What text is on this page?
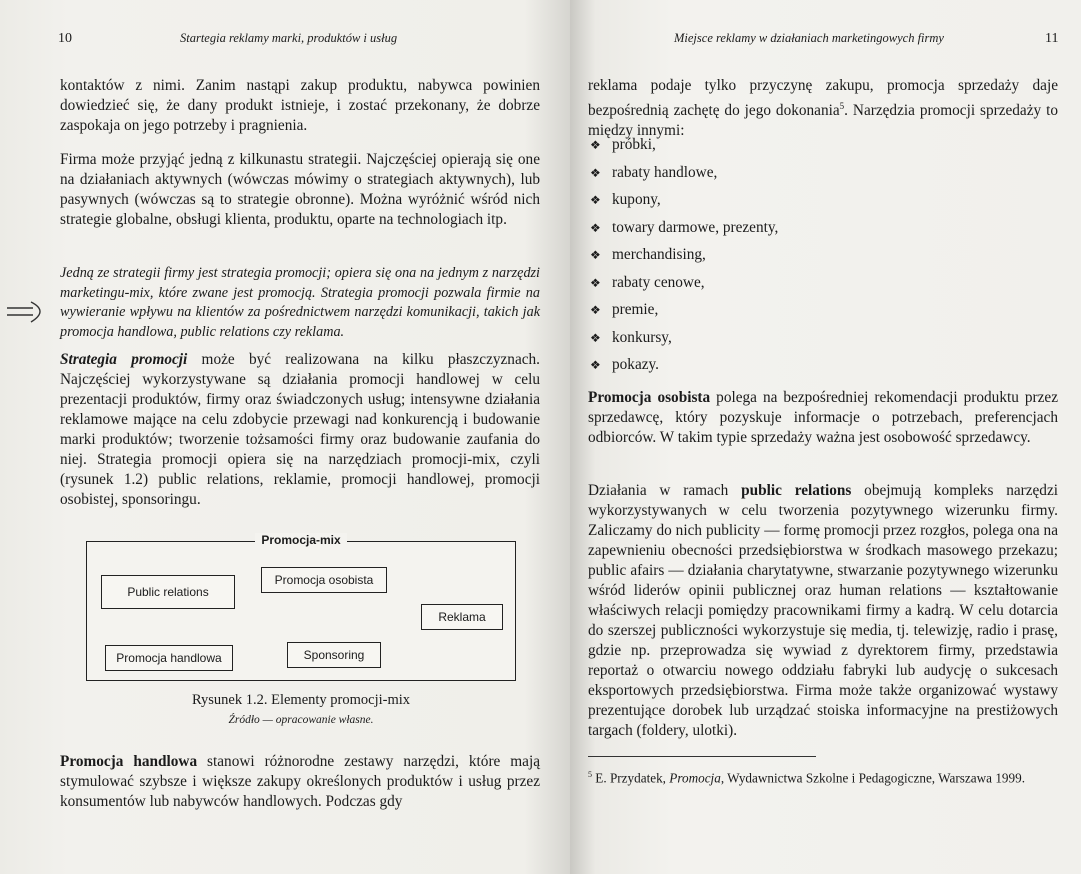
10	Startegia reklamy marki, produktów i usług

kontaktów z nimi. Zanim nastąpi zakup produktu, nabywca powinien dowiedzieć się, że dany produkt istnieje, i zostać przekonany, że dobrze zaspokaja on jego potrzeby i pragnienia.

Firma może przyjąć jedną z kilkunastu strategii. Najczęściej opierają się one na działaniach aktywnych (wówczas mówimy o strategiach aktywnych), lub pasywnych (wówczas są to strategie obronne). Można wyróżnić wśród nich strategie globalne, obsługi klienta, produktu, oparte na technologiach itp.

Jedną ze strategii firmy jest strategia promocji; opiera się ona na jednym z narzędzi marketingu-mix, które zwane jest promocją. Strategia promocji pozwala firmie na wywieranie wpływu na klientów za pośrednictwem narzędzi komunikacji, takich jak promocja handlowa, public relations czy reklama.

Strategia promocji może być realizowana na kilku płaszczyznach. Najczęściej wykorzystywane są działania promocji handlowej w celu prezentacji produktów, firmy oraz świadczonych usług; intensywne działania reklamowe mające na celu zdobycie przewagi nad konkurencją i budowanie marki produktów; tworzenie tożsamości firmy oraz budowanie zaufania do niej. Strategia promocji opiera się na narzędziach promocji-mix, czyli (rysunek 1.2) public relations, reklamie, promocji handlowej, promocji osobistej, sponsoringu.

Promocja-mix
Public relations
Promocja osobista
Reklama
Promocja handlowa	Sponsoring

Rysunek 1.2. Elementy promocji-mix

Źródło — opracowanie własne.

Promocja handlowa stanowi różnorodne zestawy narzędzi, które mają stymulować szybsze i większe zakupy określonych produktów i usług przez konsumentów lub nabywców handlowych. Podczas gdy

Miejsce reklamy w działaniach marketingowych firmy	11

reklama podaje tylko przyczynę zakupu, promocja sprzedaży daje bezpośrednią zachętę do jego dokonania$^5$. Narzędzia promocji sprzedaży to między innymi:

❖ próbki,
❖ rabaty handlowe,
❖ kupony,
❖ towary darmowe, prezenty,
❖ merchandising,
❖ rabaty cenowe,
❖ premie,
❖ konkursy,
❖ pokazy.

Promocja osobista polega na bezpośredniej rekomendacji produktu przez sprzedawcę, który pozyskuje informacje o potrzebach, preferencjach odbiorców. W takim typie sprzedaży ważna jest osobowość sprzedawcy.

Działania w ramach public relations obejmują kompleks narzędzi wykorzystywanych w celu tworzenia pozytywnego wizerunku firmy. Zaliczamy do nich publicity — formę promocji przez rozgłos, polega ona na zapewnieniu obecności przedsiębiorstwa w środkach masowego przekazu; public afairs — działania charytatywne, stwarzanie pozytywnego wizerunku wśród liderów opinii publicznej oraz human relations — kształtowanie właściwych relacji pomiędzy pracownikami firmy a kadrą. W celu dotarcia do szerszej publiczności wykorzystuje się media, tj. telewizję, radio i prasę, gdzie np. przeprowadza się wywiad z dyrektorem firmy, przedstawia reportaż o otwarciu nowego oddziału fabryki lub audycję o sukcesach eksportowych przedsiębiorstwa. Firma może także organizować wystawy prezentujące dorobek lub urządzać stoiska informacyjne na prestiżowych targach (foldery, ulotki).

$^5$ E. Przydatek, Promocja, Wydawnictwa Szkolne i Pedagogiczne, Warszawa 1999.
